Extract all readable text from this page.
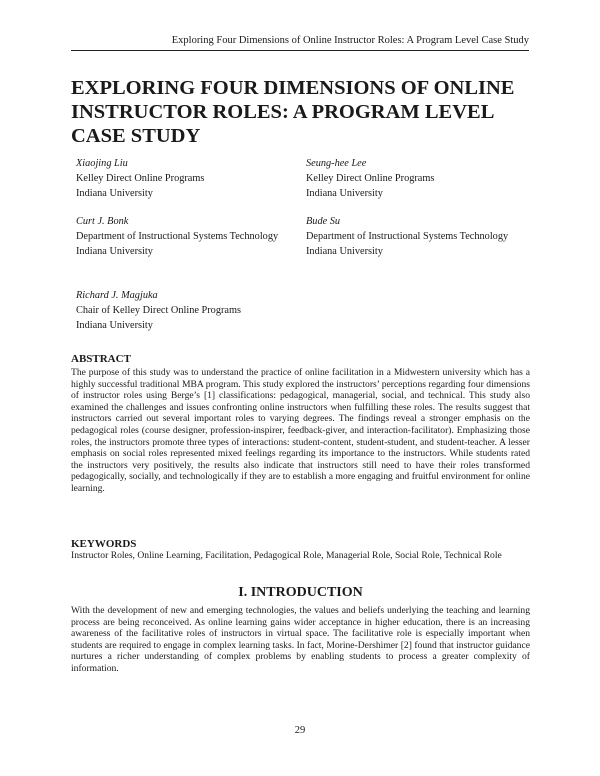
Exploring Four Dimensions of Online Instructor Roles: A Program Level Case Study
EXPLORING FOUR DIMENSIONS OF ONLINE
INSTRUCTOR ROLES: A PROGRAM LEVEL
CASE STUDY
Xiaojing Liu
Kelley Direct Online Programs
Indiana University
Seung-hee Lee
Kelley Direct Online Programs
Indiana University
Curt J. Bonk
Department of Instructional Systems Technology
Indiana University
Bude Su
Department of Instructional Systems Technology
Indiana University
Richard J. Magjuka
Chair of Kelley Direct Online Programs
Indiana University
ABSTRACT

The purpose of this study was to understand the practice of online facilitation in a Midwestern university which has a highly successful traditional MBA program. This study explored the instructors’ perceptions regarding four dimensions of instructor roles using Berge’s [1] classifications: pedagogical, managerial, social, and technical. This study also examined the challenges and issues confronting online instructors when fulfilling these roles. The results suggest that instructors carried out several important roles to varying degrees. The findings reveal a stronger emphasis on the pedagogical roles (course designer, profession-inspirer, feedback-giver, and interaction-facilitator). Emphasizing those roles, the instructors promote three types of interactions: student-content, student-student, and student-teacher. A lesser emphasis on social roles represented mixed feelings regarding its importance to the instructors. While students rated the instructors very positively, the results also indicate that instructors still need to have their roles transformed pedagogically, socially, and technologically if they are to establish a more engaging and fruitful environment for online learning.

KEYWORDS

Instructor Roles, Online Learning, Facilitation, Pedagogical Role, Managerial Role, Social Role, Technical Role

I. INTRODUCTION

With the development of new and emerging technologies, the values and beliefs underlying the teaching and learning process are being reconceived. As online learning gains wider acceptance in higher education, there is an increasing awareness of the facilitative roles of instructors in virtual space. The facilitative role is especially important when students are required to engage in complex learning tasks. In fact, Morine-Dershimer [2] found that instructor guidance nurtures a richer understanding of complex problems by enabling students to process a greater complexity of information.

29
